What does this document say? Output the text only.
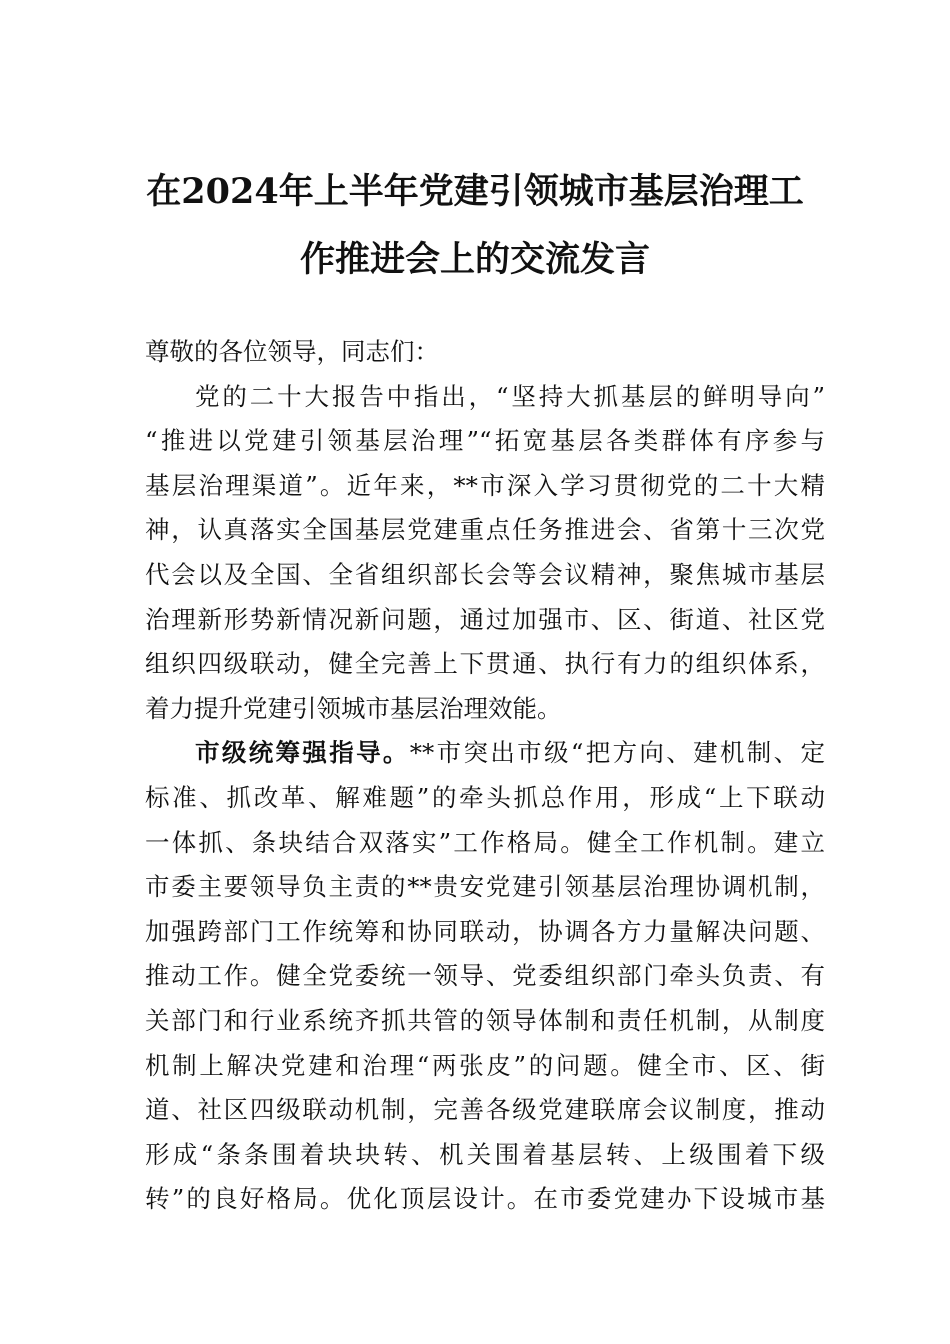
在2024年上半年党建引领城市基层治理工
作推进会上的交流发言
尊敬的各位领导，同志们：
党的二十大报告中指出，“坚持大抓基层的鲜明导向”
“推进以党建引领基层治理”“拓宽基层各类群体有序参与
基层治理渠道”。近年来，**市深入学习贯彻党的二十大精
神，认真落实全国基层党建重点任务推进会、省第十三次党
代会以及全国、全省组织部长会等会议精神，聚焦城市基层
治理新形势新情况新问题，通过加强市、区、街道、社区党
组织四级联动，健全完善上下贯通、执行有力的组织体系，
着力提升党建引领城市基层治理效能。
市级统筹强指导。**市突出市级“把方向、建机制、定
标准、抓改革、解难题”的牵头抓总作用，形成“上下联动
一体抓、条块结合双落实”工作格局。健全工作机制。建立
市委主要领导负主责的**贵安党建引领基层治理协调机制，
加强跨部门工作统筹和协同联动，协调各方力量解决问题、
推动工作。健全党委统一领导、党委组织部门牵头负责、有
关部门和行业系统齐抓共管的领导体制和责任机制，从制度
机制上解决党建和治理“两张皮”的问题。健全市、区、街
道、社区四级联动机制，完善各级党建联席会议制度，推动
形成“条条围着块块转、机关围着基层转、上级围着下级
转”的良好格局。优化顶层设计。在市委党建办下设城市基
